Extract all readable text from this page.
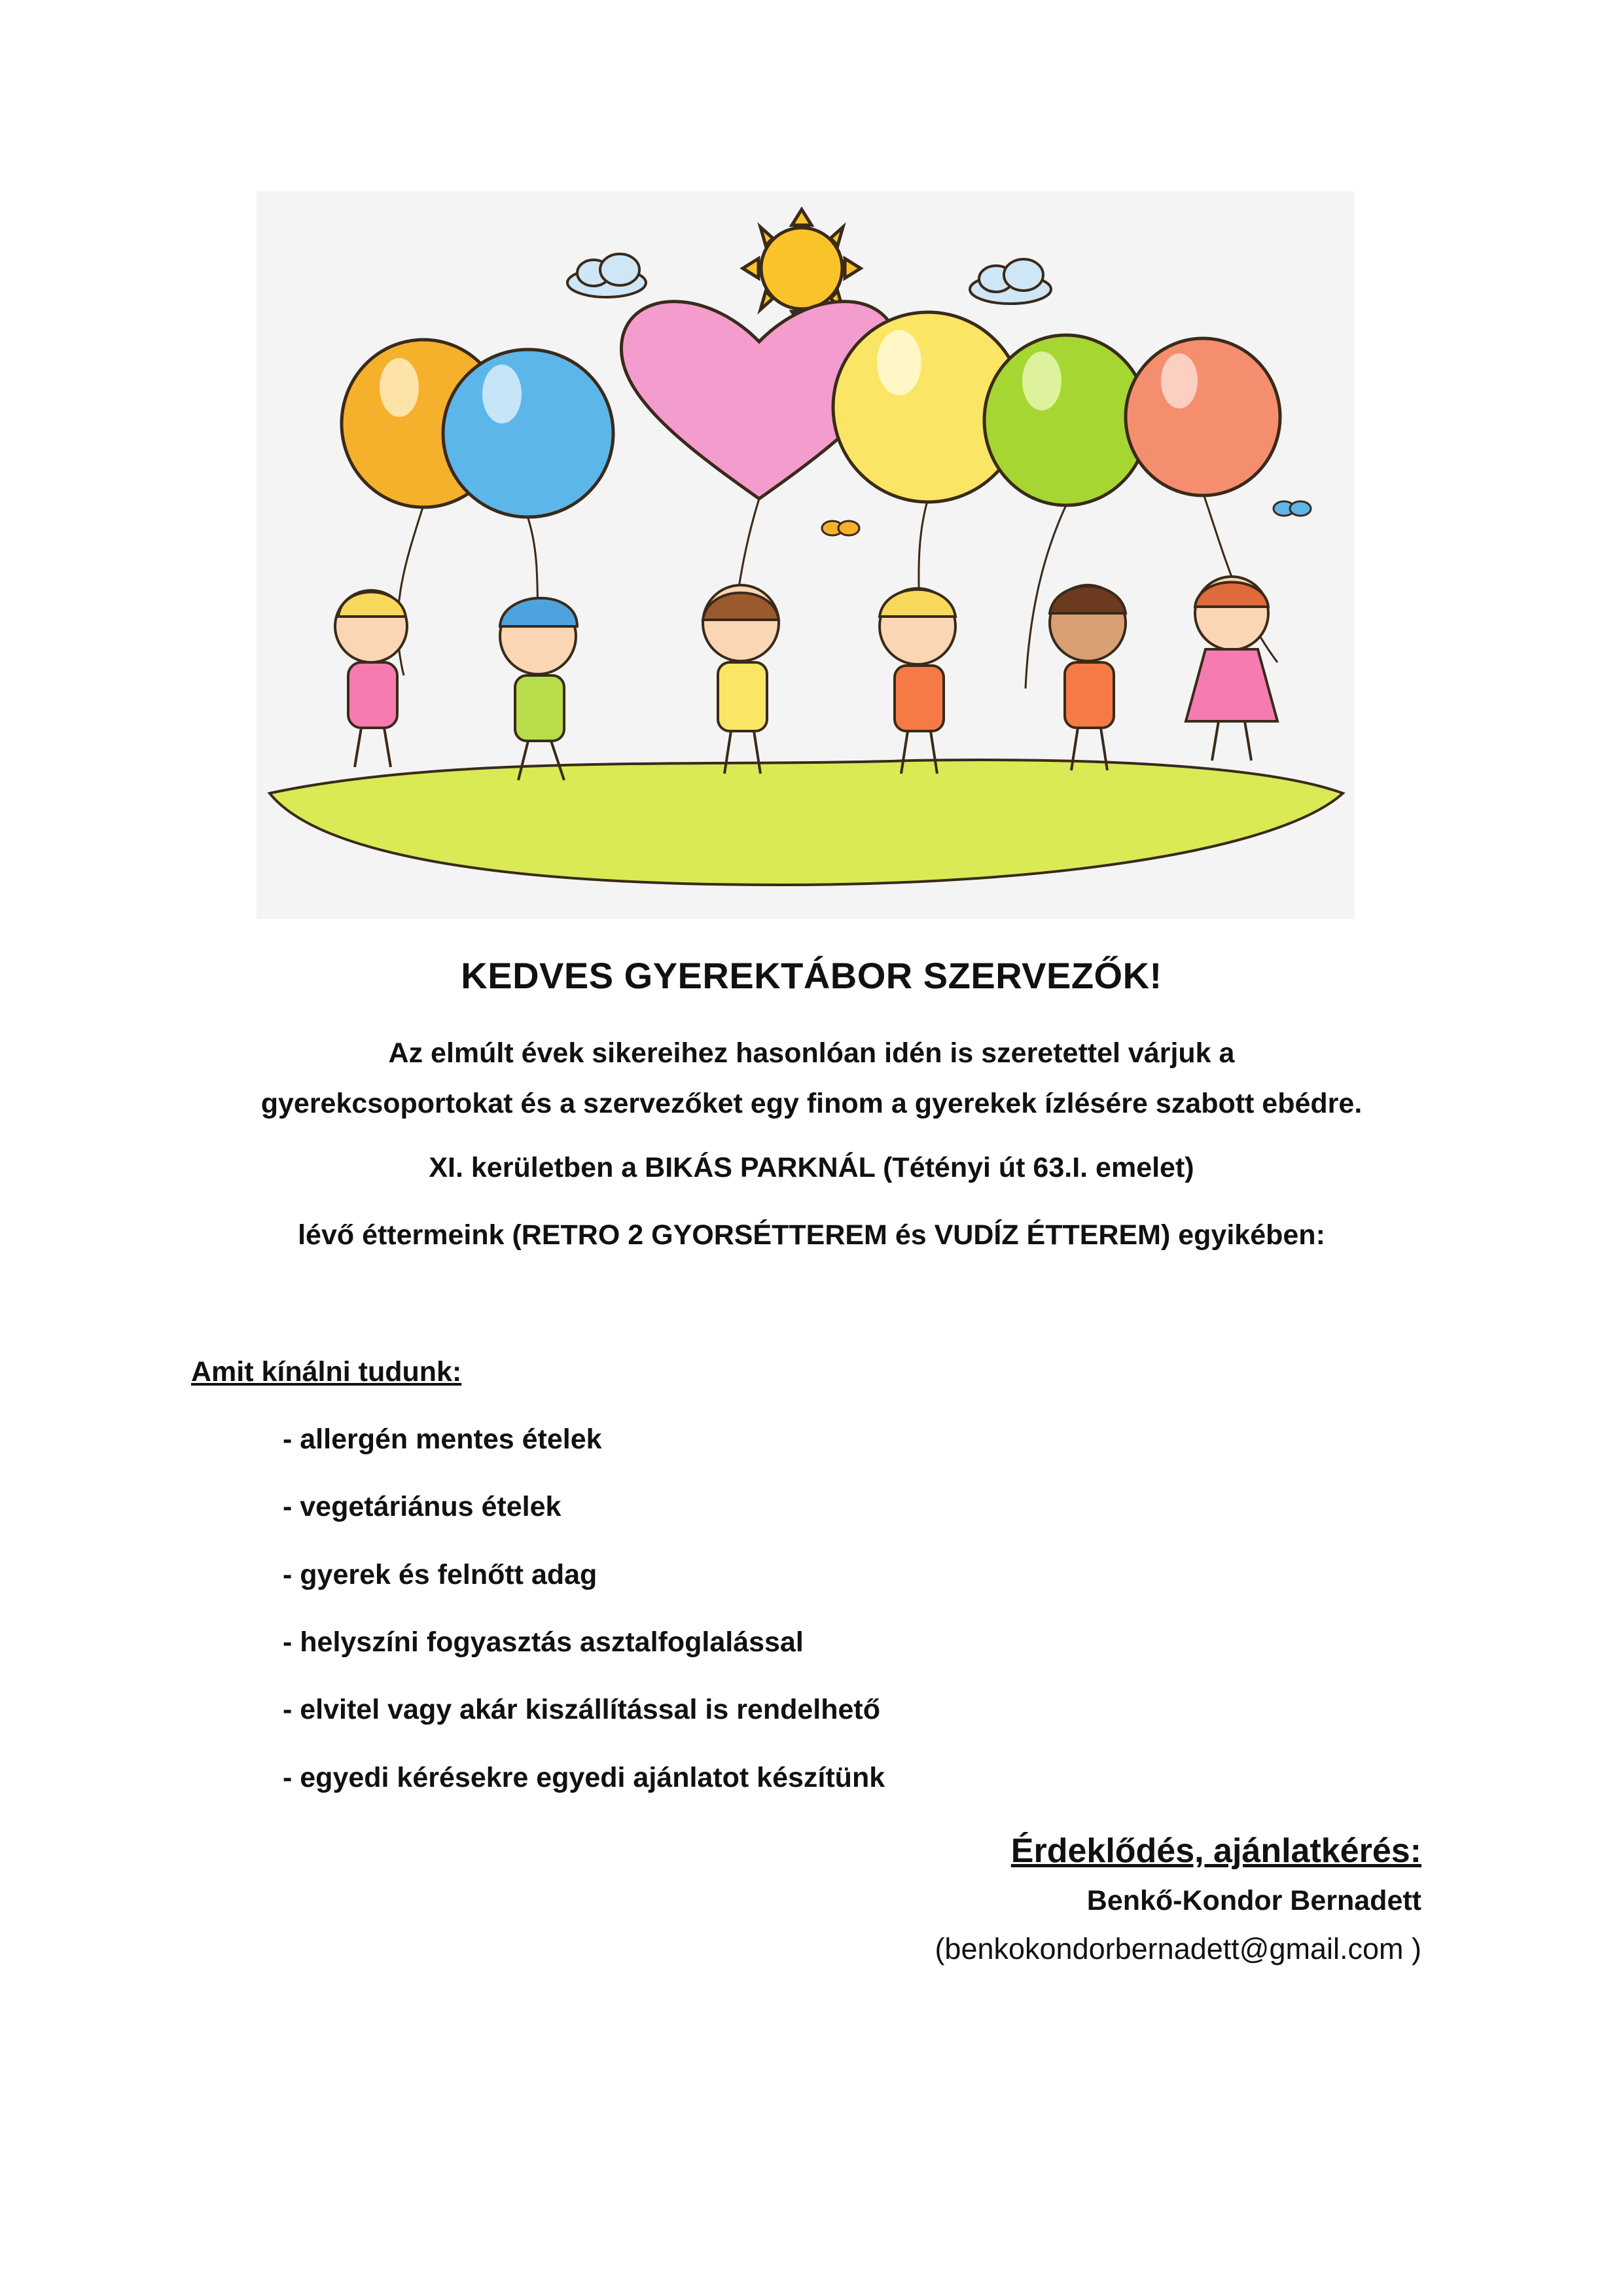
KEDVES GYEREKTÁBOR SZERVEZŐK!
Az elmúlt évek sikereihez hasonlóan idén is szeretettel várjuk a
gyerekcsoportokat és a szervezőket egy finom a gyerekek ízlésére szabott ebédre.
XI. kerületben a BIKÁS PARKNÁL (Tétényi út 63.I. emelet)
lévő éttermeink (RETRO 2 GYORSÉTTEREM és VUDÍZ ÉTTEREM) egyikében:
Amit kínálni tudunk:
- allergén mentes ételek
- vegetáriánus ételek
- gyerek és felnőtt adag
- helyszíni fogyasztás asztalfoglalással
- elvitel vagy akár kiszállítással is rendelhető
- egyedi kérésekre egyedi ajánlatot készítünk
Érdeklődés, ajánlatkérés:
Benkő-Kondor Bernadett
(benkokondorbernadett@gmail.com )
